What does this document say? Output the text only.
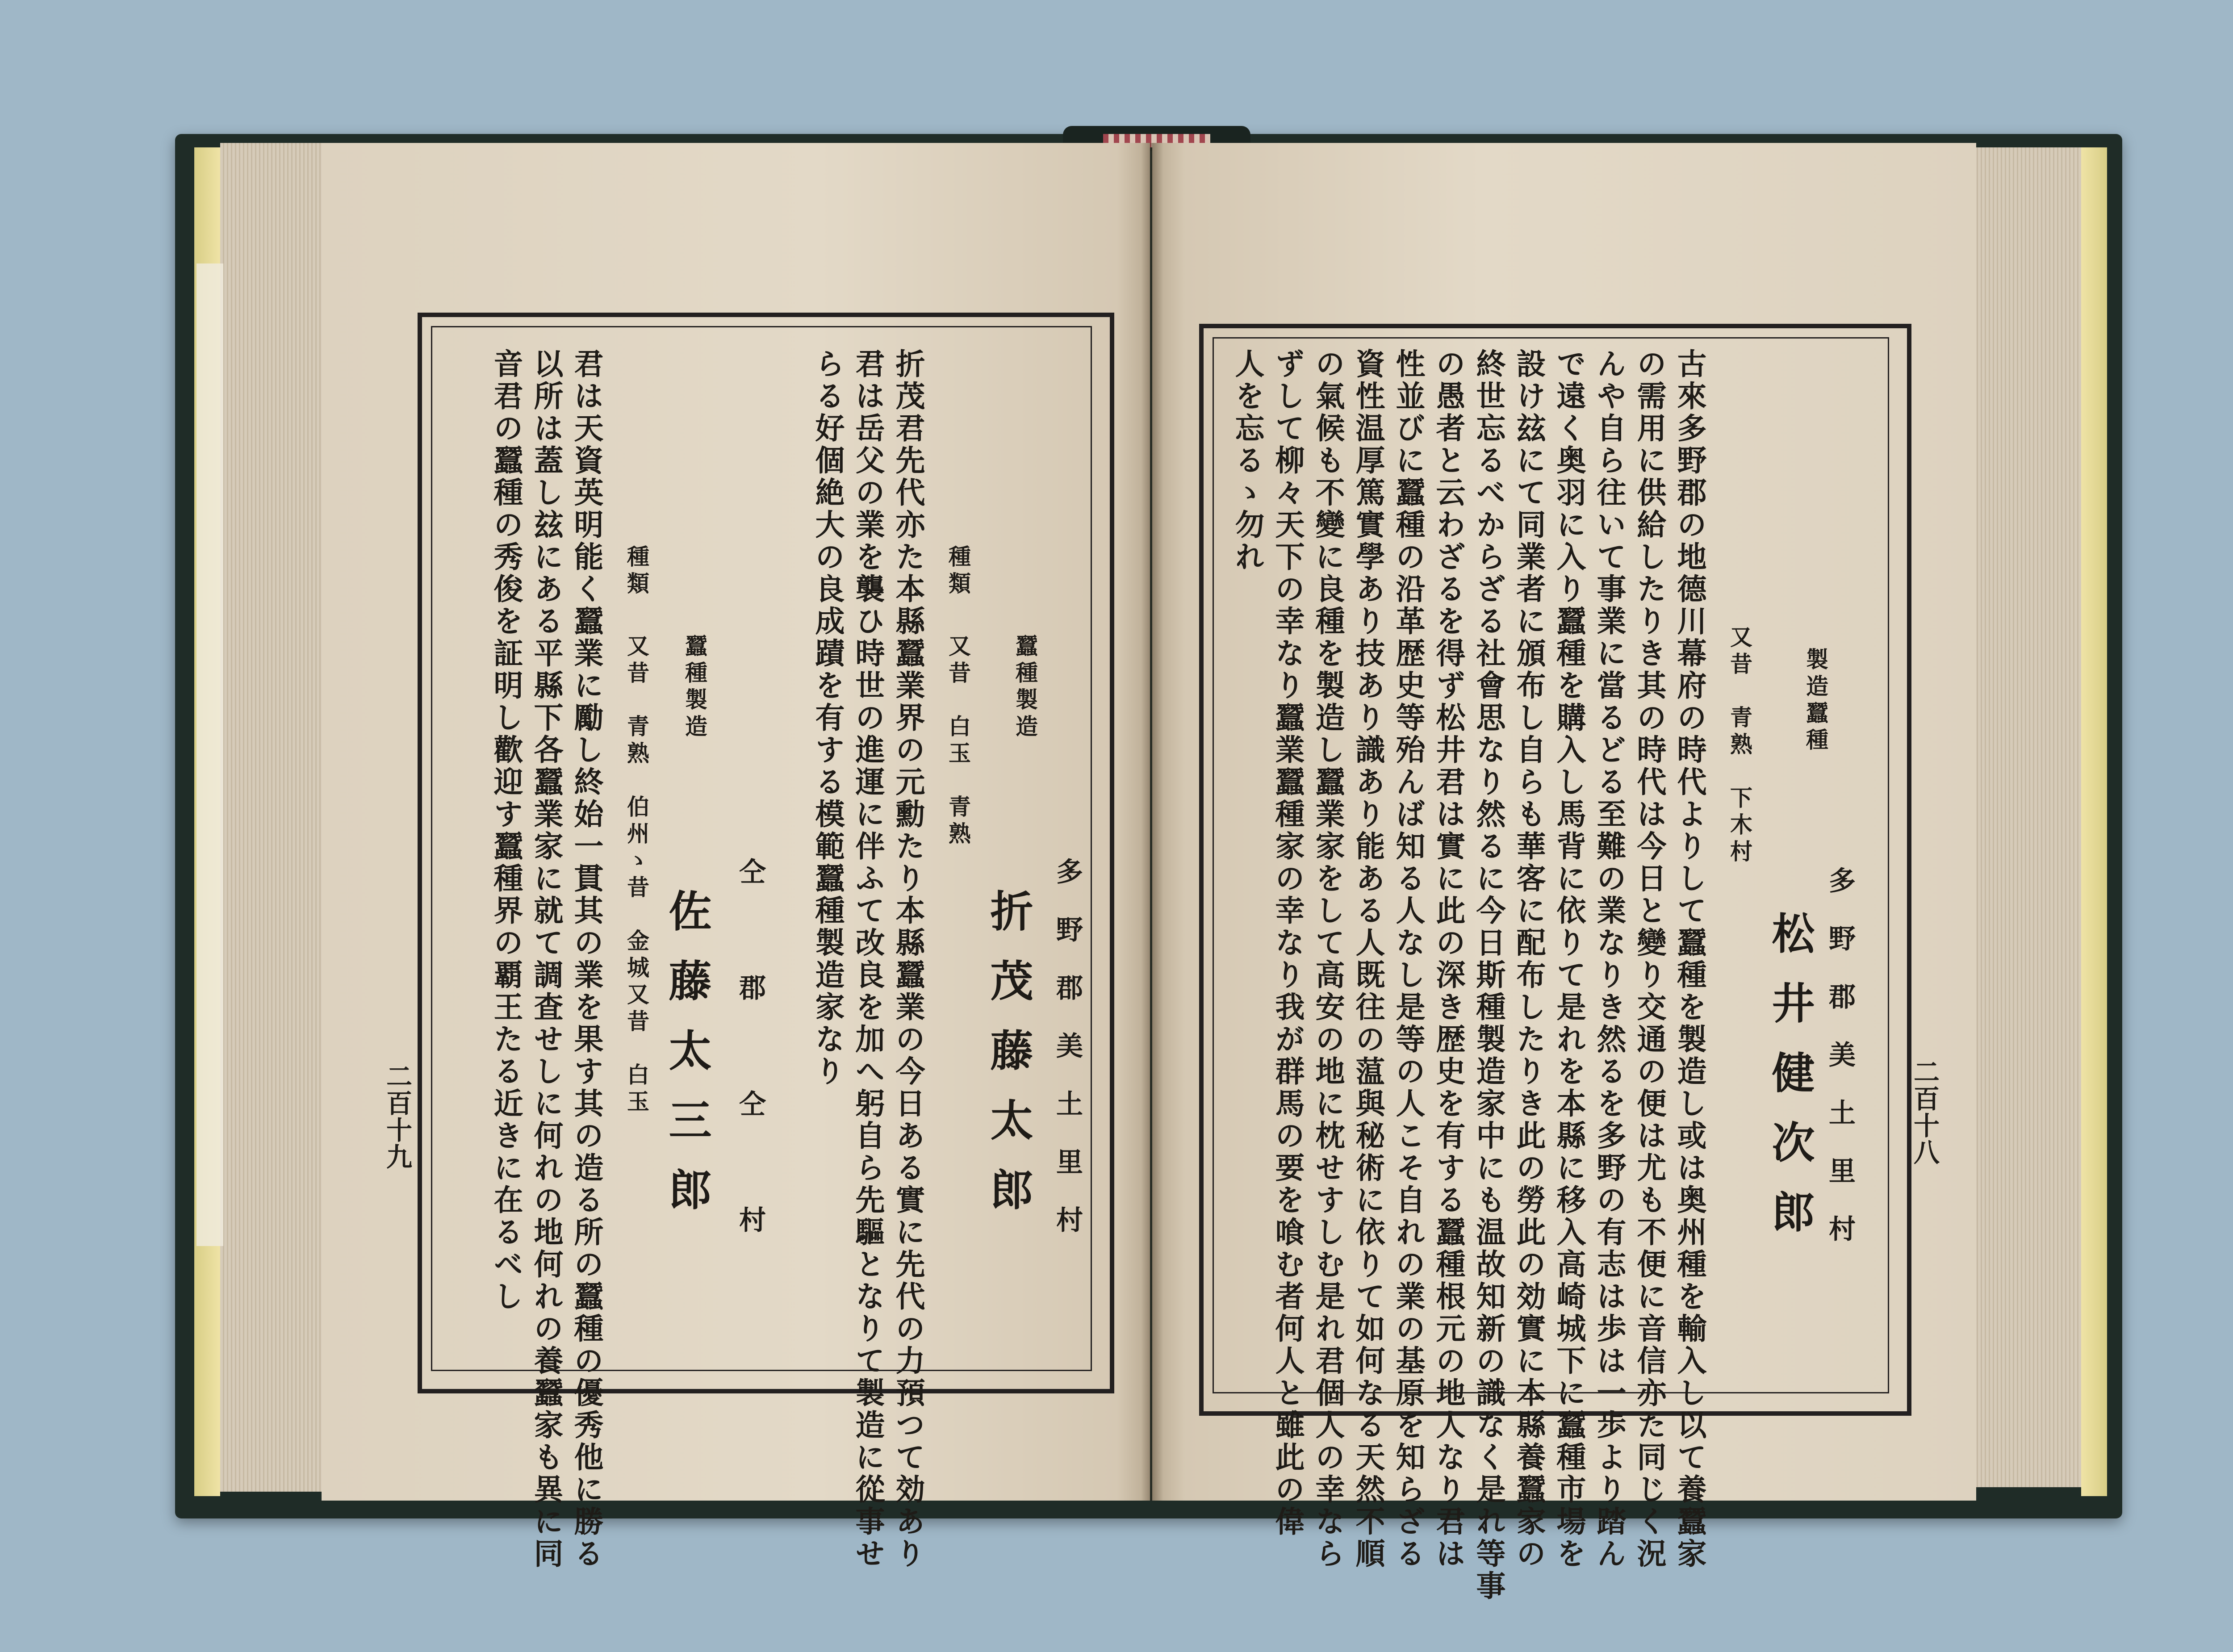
二百十八
多野郡美土里村
松井健次郎
製造蠶種
又昔　青熟　下木村
古來多野郡の地德川幕府の時代よりして蠶種を製造し或は奥州種を輸入し以て養蠶家
の需用に供給したりき其の時代は今日と變り交通の便は尤も不便に音信亦た同じく況
んや自ら往いて事業に當るどる至難の業なりき然るを多野の有志は歩は一歩より踏ん
で遠く奥羽に入り蠶種を購入し馬背に依りて是れを本縣に移入高崎城下に蠶種市場を
設け玆にて同業者に頒布し自らも華客に配布したりき此の勞此の効實に本縣養蠶家の
終世忘るべからざる社會思なり然るに今日斯種製造家中にも温故知新の識なく是れ等事
の愚者と云わざるを得ず松井君は實に此の深き歴史を有する蠶種根元の地人なり君は
性並びに蠶種の沿革歴史等殆んば知る人なし是等の人こそ自れの業の基原を知らざる
資性温厚篤實學あり技あり識あり能ある人既往の蕰與秘術に依りて如何なる天然不順
の氣候も不變に良種を製造し蠶業家をして高安の地に枕せすしむ是れ君個人の幸なら
ずして柳々天下の幸なり蠶業蠶種家の幸なり我が群馬の要を喰む者何人と雖此の偉
人を忘るゝ勿れ
二百十九	多野郡美土里村
折茂藤太郎
蠶種製造
種類
又昔　白玉　青熟
折茂君先代亦た本縣蠶業界の元勳たり本縣蠶業の今日ある實に先代の力預つて効あり
君は岳父の業を襲ひ時世の進運に伴ふて改良を加へ躬自ら先驅となりて製造に從事せ
らる好個絶大の良成蹟を有する模範蠶種製造家なり
仝　郡　仝　村
佐藤太三郎
蠶種製造
種類
又昔　青熟　伯州ゝ昔　金城又昔　白玉
君は天資英明能く蠶業に勵し終始一貫其の業を果す其の造る所の蠶種の優秀他に勝る
以所は蓋し玆にある平縣下各蠶業家に就て調査せしに何れの地何れの養蠶家も異に同
音君の蠶種の秀俊を証明し歡迎す蠶種界の覇王たる近きに在るべし
